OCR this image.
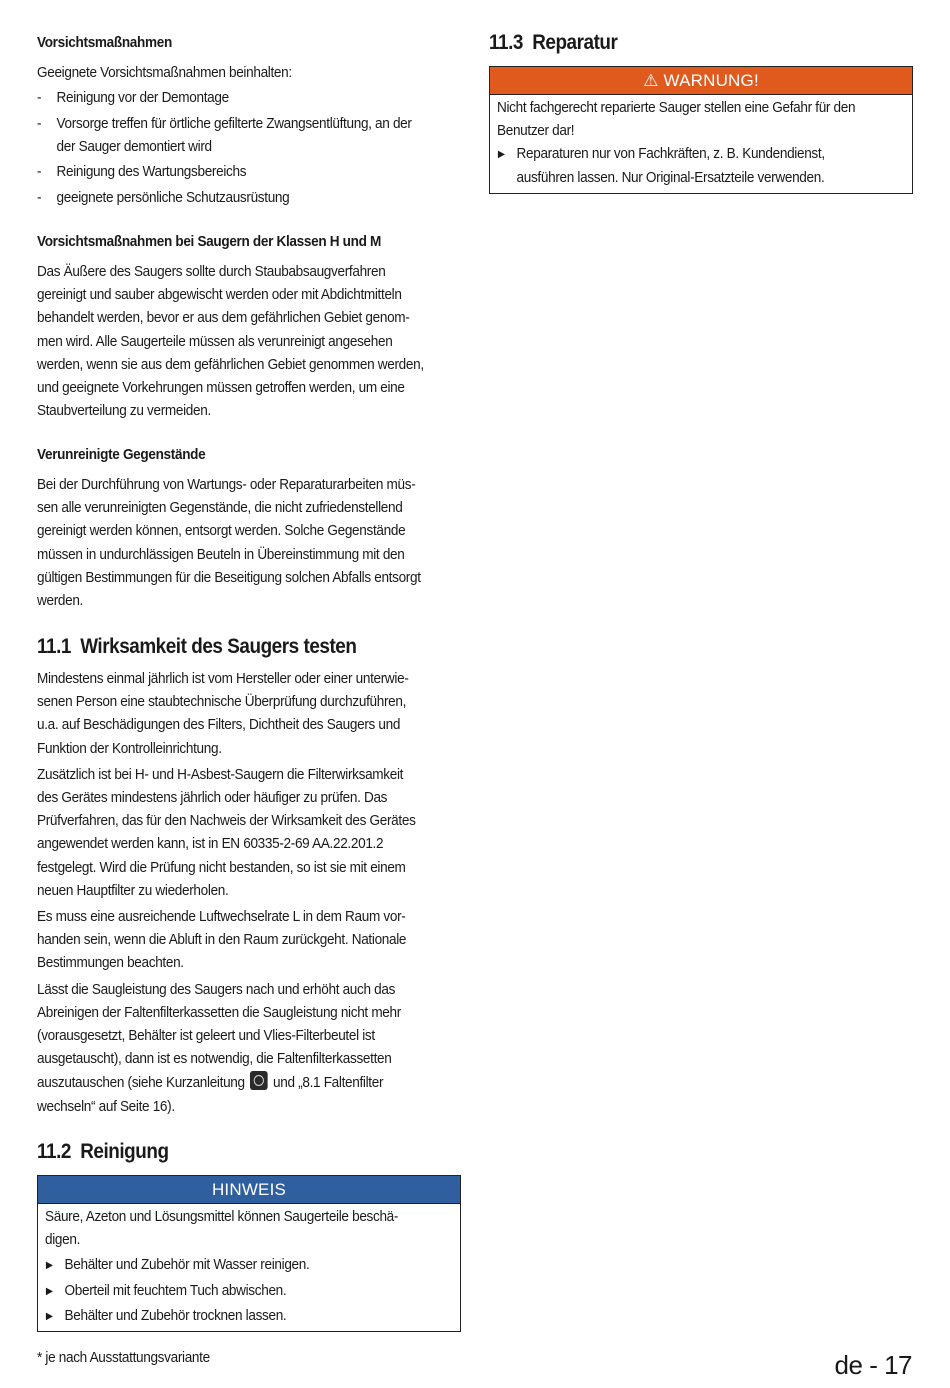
Vorsichtsmaßnahmen
Geeignete Vorsichtsmaßnahmen beinhalten:
- Reinigung vor der Demontage
- Vorsorge treffen für örtliche gefilterte Zwangsentlüftung, an der
der Sauger demontiert wird
- Reinigung des Wartungsbereichs
- geeignete persönliche Schutzausrüstung
Vorsichtsmaßnahmen bei Saugern der Klassen H und M
Das Äußere des Saugers sollte durch Staubabsaugverfahren
gereinigt und sauber abgewischt werden oder mit Abdichtmitteln
behandelt werden, bevor er aus dem gefährlichen Gebiet genom-
men wird. Alle Saugerteile müssen als verunreinigt angesehen
werden, wenn sie aus dem gefährlichen Gebiet genommen werden,
und geeignete Vorkehrungen müssen getroffen werden, um eine
Staubverteilung zu vermeiden.
Verunreinigte Gegenstände
Bei der Durchführung von Wartungs- oder Reparaturarbeiten müs-
sen alle verunreinigten Gegenstände, die nicht zufriedenstellend
gereinigt werden können, entsorgt werden. Solche Gegenstände
müssen in undurchlässigen Beuteln in Übereinstimmung mit den
gültigen Bestimmungen für die Beseitigung solchen Abfalls entsorgt
werden.
11.1 Wirksamkeit des Saugers testen
Mindestens einmal jährlich ist vom Hersteller oder einer unterwie-
senen Person eine staubtechnische Überprüfung durchzuführen,
u.a. auf Beschädigungen des Filters, Dichtheit des Saugers und
Funktion der Kontrolleinrichtung.
Zusätzlich ist bei H- und H-Asbest-Saugern die Filterwirksamkeit
des Gerätes mindestens jährlich oder häufiger zu prüfen. Das
Prüfverfahren, das für den Nachweis der Wirksamkeit des Gerätes
angewendet werden kann, ist in EN 60335-2-69 AA.22.201.2
festgelegt. Wird die Prüfung nicht bestanden, so ist sie mit einem
neuen Hauptfilter zu wiederholen.
Es muss eine ausreichende Luftwechselrate L in dem Raum vor-
handen sein, wenn die Abluft in den Raum zurückgeht. Nationale
Bestimmungen beachten.
Lässt die Saugleistung des Saugers nach und erhöht auch das
Abreinigen der Faltenfilterkassetten die Saugleistung nicht mehr
(vorausgesetzt, Behälter ist geleert und Vlies-Filterbeutel ist
ausgetauscht), dann ist es notwendig, die Faltenfilterkassetten
auszutauschen (siehe Kurzanleitung und „8.1 Faltenfilter
wechseln“ auf Seite 16).
11.2 Reinigung
HINWEIS
Säure, Azeton und Lösungsmittel können Saugerteile beschä-
digen.
▶ Behälter und Zubehör mit Wasser reinigen.
▶ Oberteil mit feuchtem Tuch abwischen.
▶ Behälter und Zubehör trocknen lassen.
* je nach Ausstattungsvariante
11.3 Reparatur
⚠ WARNUNG!
Nicht fachgerecht reparierte Sauger stellen eine Gefahr für den
Benutzer dar!
▶ Reparaturen nur von Fachkräften, z. B. Kundendienst,
ausführen lassen. Nur Original-Ersatzteile verwenden.
de - 17
